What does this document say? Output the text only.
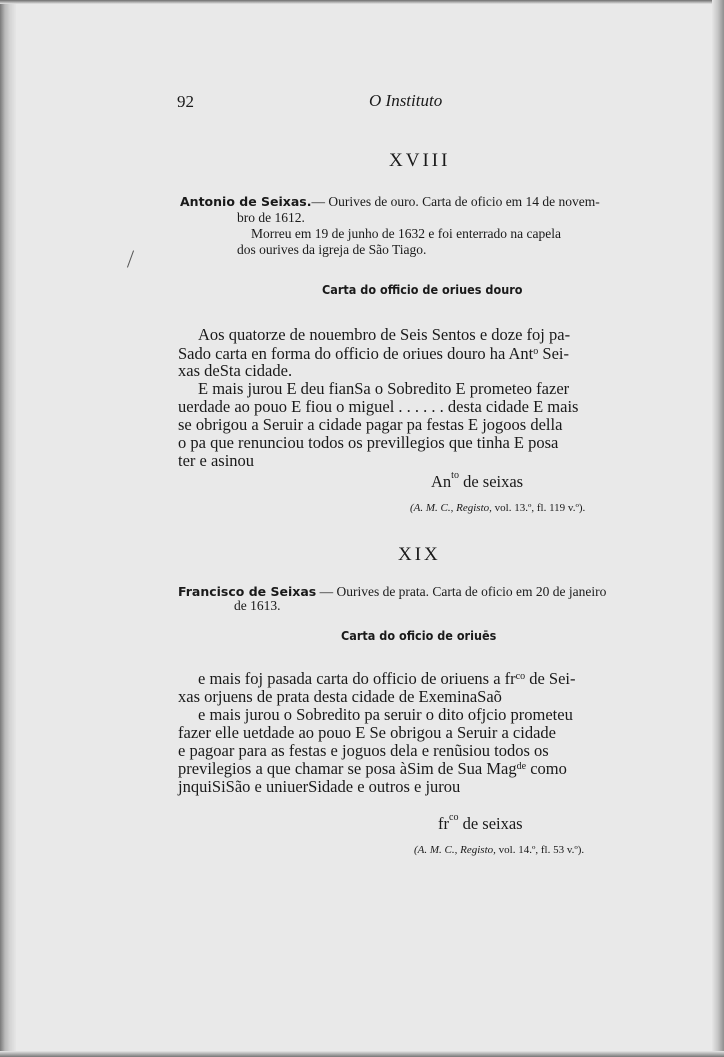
92	O Instituto
XVIII
Antonio de Seixas.— Ourives de ouro. Carta de oficio em 14 de novem-
bro de 1612.
Morreu em 19 de junho de 1632 e foi enterrado na capela
dos ourives da igreja de São Tiago.
Carta do officio de oriues douro
Aos quatorze de nouembro de Seis Sentos e doze foj pa-
Sado carta en forma do officio de oriues douro ha Ant$^o$ Sei-
xas deSta cidade.
E mais jurou E deu fianSa o Sobredito E prometeo fazer
uerdade ao pouo E fiou o miguel . . . . . . desta cidade E mais
se obrigou a Seruir a cidade pagar pa festas E jogoos della
o pa que renunciou todos os previllegios que tinha E posa
ter e asinou
$An^{to}$ de seixas
(A. M. C., Registo, vol. 13.º, fl. 119 v.º).
XIX
Francisco de Seixas — Ourives de prata. Carta de oficio em 20 de janeiro
de 1613.
Carta do oficio de oriuēs
e mais foj pasada carta do officio de oriuens a $fr^{co}$ de Sei-
xas orjuens de prata desta cidade de ExeminaSaõ
e mais jurou o Sobredito pa seruir o dito ofjcio prometeu
fazer elle uetdade ao pouo E Se obrigou a Seruir a cidade
e pagoar para as festas e joguos dela e renũsiou todos os
previlegios a que chamar se posa àSim de Sua Mag$^{de}$ como
jnquiSiSão e uniuerSidade e outros e jurou
$fr^{co}$ de seixas
(A. M. C., Registo, vol. 14.º, fl. 53 v.º).
